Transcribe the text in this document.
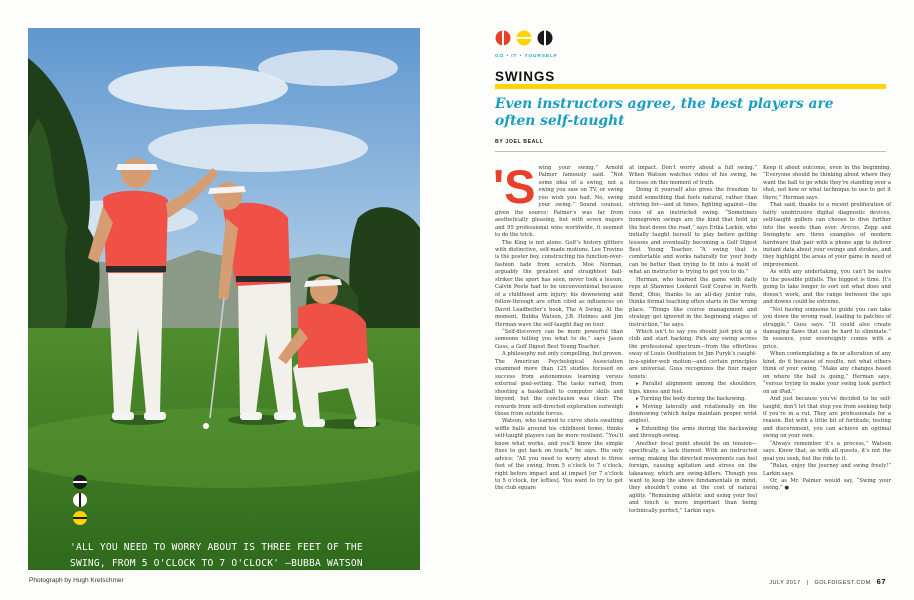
'ALL YOU NEED TO WORRY ABOUT IS THREE FEET OF THE SWING, FROM 5 O'CLOCK TO 7 O'CLOCK' —BUBBA WATSON
Photograph by Hugh Kretschmer
GO • IT • YOURSELF
SWINGS
Even instructors agree, the best players are often self-taught
BY JOEL BEALL

'Swing your swing,” Arnold Palmer famously said. “Not some idea of a swing, not a swing you saw on TV, or swing you wish you had. No, swing your swing.” Sound counsel, given the source; Palmer’s was far from aesthetically pleasing, but with seven majors and 95 professional wins worldwide, it seemed to do the trick.

The King is not alone. Golf’s history glitters with distinctive, self-made motions. Lee Trevino is the poster boy, constructing his function-over-fashion fade from scratch. Moe Norman, arguably the greatest and straightest ball-striker the sport has seen, never took a lesson. Calvin Peete had to be unconventional because of a childhood arm injury; his downswing and follow-through are often cited as influences on David Leadbetter’s book, The A Swing. At the moment, Bubba Watson, J.B. Holmes and Jim Herman wave the self-taught flag on tour.

“Self-discovery can be more powerful than someone telling you what to do,” says Jason Guss, a Golf Digest Best Young Teacher.

A philosophy not only compelling, but proven. The American Psychological Association examined more than 125 studies focused on success from autonomous learning versus external goal-setting. The tasks varied, from shooting a basketball to computer skills and beyond, but the conclusion was clear: The rewards from self-directed exploration outweigh those from outside forces.

Watson, who learned to curve shots swatting wiffle balls around his childhood home, thinks self-taught players can be more resilient. “You’ll know what works, and you’ll know the simple fixes to get back on track,” he says. His only advice: “All you need to worry about is three feet of the swing, from 5 o’clock to 7 o’clock, right before impact and at impact [or 7 o’clock to 5 o’clock, for lefties]. You want to try to get the club square

at impact. Don’t worry about a full swing.” When Watson watches video of his swing, he focuses on this moment of truth.

Doing it yourself also gives the freedom to mold something that feels natural, rather than striving for—and at times, fighting against—the cues of an instructed swing. “Sometimes homegrown swings are the kind that hold up the best down the road,” says Erika Larkin, who initially taught herself to play before getting lessons and eventually becoming a Golf Digest Best Young Teacher. “A swing that is comfortable and works naturally for your body can be better than trying to fit into a mold of what an instructor is trying to get you to do.”

Herman, who learned the game with daily reps at Shawnee Lookout Golf Course in North Bend, Ohio, thanks to an all-day junior rate, thinks formal teaching often starts in the wrong place. “Things like course management and strategy get ignored in the beginning stages of instruction,” he says.

Which isn’t to say you should just pick up a club and start hacking. Pick any swing across the professional spectrum—from the effortless sway of Louis Oosthuizen to Jim Furyk’s caught-in-a-spider-web motion—and certain principles are universal. Guss recognizes the four major tenets:

▸ Parallel alignment among the shoulders, hips, knees and feet.

▸ Turning the body during the backswing.

▸ Moving laterally and rotationally on the downswing (which helps maintain proper wrist angles).

▸ Extending the arms during the backswing and through-swing.

Another focal point should be on tension—specifically, a lack thereof. With an instructed swing, making the directed movements can feel foreign, causing agitation and stress on the takeaway, which are swing-killers. Though you want to keep the above fundamentals in mind, they shouldn’t come at the cost of natural agility. “Remaining athletic and using your feel and touch is more important than being technically perfect,” Larkin says.

Keep it about outcome, even in the beginning. “Everyone should be thinking about where they want the ball to go while they’re standing over a shot, not how or what technique to use to get it there,” Herman says.

That said, thanks to a recent proliferation of fairly unobtrusive digital diagnostic devices, self-taught golfers can choose to dive further into the weeds than ever. Arccos, Zepp and Swingbyte are three examples of modern hardware that pair with a phone app to deliver instant data about your swings and strokes, and they highlight the areas of your game in need of improvement.

As with any undertaking, you can’t be naive to the possible pitfalls. The biggest is time. It’s going to take longer to sort out what does and doesn’t work, and the range between the ups and downs could be extreme.

“Not having someone to guide you can take you down the wrong road, leading to patches of struggle,” Guss says. “It could also create damaging flaws that can be hard to eliminate.” In essence, your sovereignty comes with a price.

When contemplating a fix or alteration of any kind, do it because of results, not what others think of your swing. “Make any changes based on where the ball is going,” Herman says, “versus trying to make your swing look perfect on an iPad.”

And just because you’ve decided to be self-taught, don’t let that stop you from seeking help if you’re in a rut. They are professionals for a reason. But with a little bit of fortitude, testing and discernment, you can achieve an optimal swing on your own.

“Always remember it’s a process,” Watson says. Know that, as with all quests, it’s not the goal you seek, but the ride to it.

“Relax, enjoy the journey and swing freely!” Larkin says.

Or, as Mr. Palmer would say, “Swing your swing.” ●

JULY 2017 | GOLFDIGEST.COM 67
